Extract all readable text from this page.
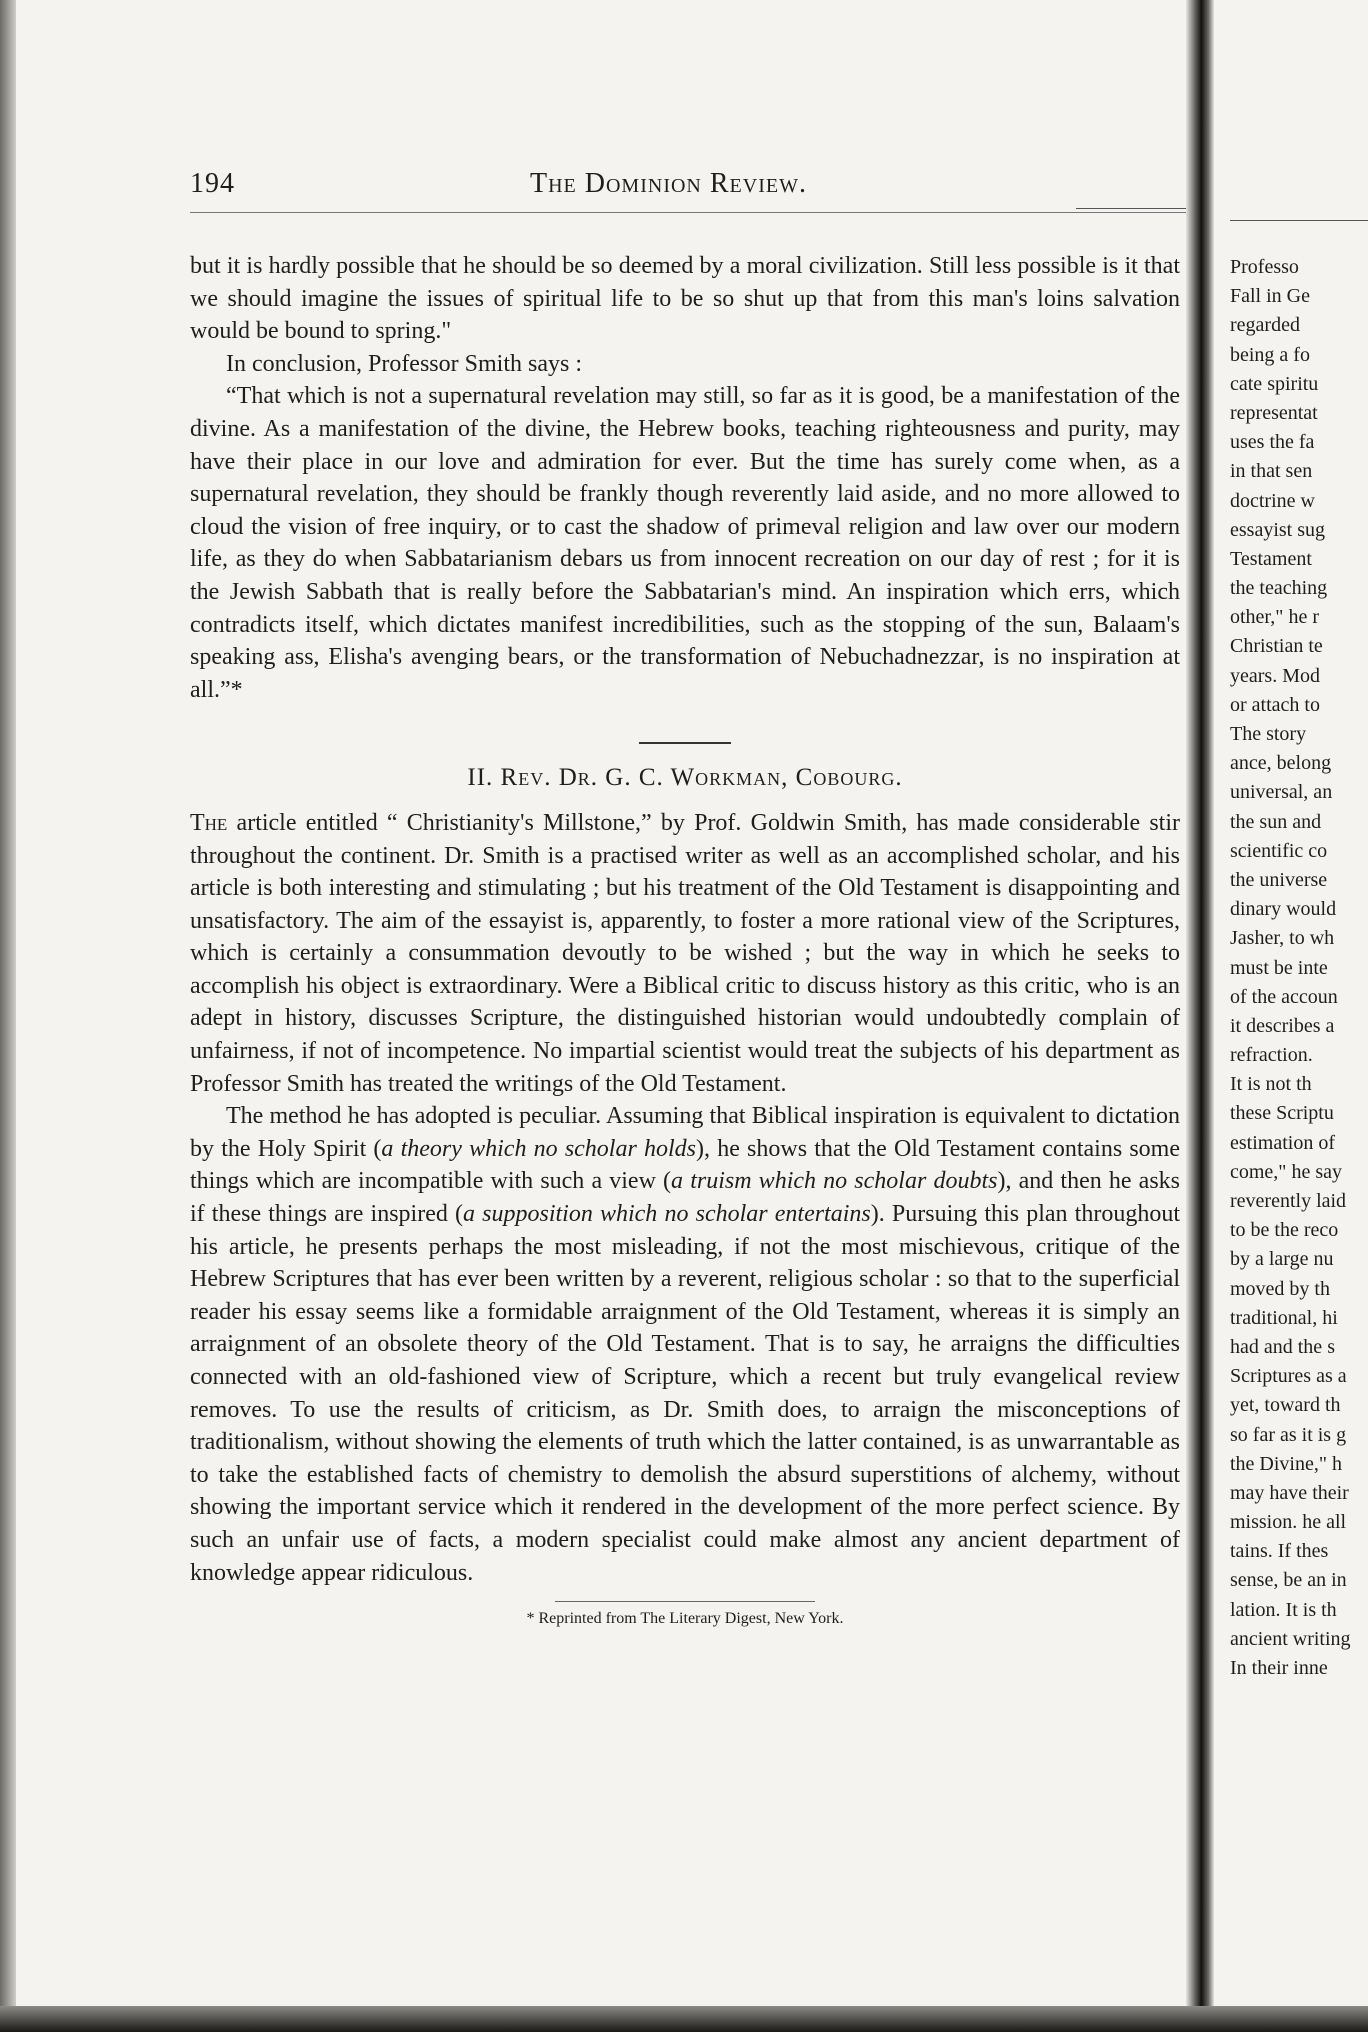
194	The Dominion Review.

but it is hardly possible that he should be so deemed by a moral civilization. Still less possible is it that we should imagine the issues of spiritual life to be so shut up that from this man's loins salvation would be bound to spring."

In conclusion, Professor Smith says :

“That which is not a supernatural revelation may still, so far as it is good, be a manifestation of the divine. As a manifestation of the divine, the Hebrew books, teaching righteousness and purity, may have their place in our love and admiration for ever. But the time has surely come when, as a supernatural revelation, they should be frankly though reverently laid aside, and no more allowed to cloud the vision of free inquiry, or to cast the shadow of primeval religion and law over our modern life, as they do when Sabbatarianism debars us from innocent recreation on our day of rest ; for it is the Jewish Sabbath that is really before the Sabbatarian's mind. An inspiration which errs, which contradicts itself, which dictates manifest incredibilities, such as the stopping of the sun, Balaam's speaking ass, Elisha's avenging bears, or the transformation of Nebuchadnezzar, is no inspiration at all.”*

II. Rev. Dr. G. C. Workman, Cobourg.

The article entitled “ Christianity's Millstone,” by Prof. Goldwin Smith, has made considerable stir throughout the continent. Dr. Smith is a practised writer as well as an accomplished scholar, and his article is both interesting and stimulating ; but his treatment of the Old Testament is disappointing and unsatisfactory. The aim of the essayist is, apparently, to foster a more rational view of the Scriptures, which is certainly a consummation devoutly to be wished ; but the way in which he seeks to accomplish his object is extraordinary. Were a Biblical critic to discuss history as this critic, who is an adept in history, discusses Scripture, the distinguished historian would undoubtedly complain of unfairness, if not of incompetence. No impartial scientist would treat the subjects of his department as Professor Smith has treated the writings of the Old Testament.

The method he has adopted is peculiar. Assuming that Biblical inspiration is equivalent to dictation by the Holy Spirit (a theory which no scholar holds), he shows that the Old Testament contains some things which are incompatible with such a view (a truism which no scholar doubts), and then he asks if these things are inspired (a supposition which no scholar entertains). Pursuing this plan throughout his article, he presents perhaps the most misleading, if not the most mischievous, critique of the Hebrew Scriptures that has ever been written by a reverent, religious scholar : so that to the superficial reader his essay seems like a formidable arraignment of the Old Testament, whereas it is simply an arraignment of an obsolete theory of the Old Testament. That is to say, he arraigns the difficulties connected with an old-fashioned view of Scripture, which a recent but truly evangelical review removes. To use the results of criticism, as Dr. Smith does, to arraign the misconceptions of traditionalism, without showing the elements of truth which the latter contained, is as unwarrantable as to take the established facts of chemistry to demolish the absurd superstitions of alchemy, without showing the important service which it rendered in the development of the more perfect science. By such an unfair use of facts, a modern specialist could make almost any ancient department of knowledge appear ridiculous.

* Reprinted from The Literary Digest, New York.
Professo
Fall in Ge
regarded
being a fo
cate spiritu
representat
uses the fa
in that sen
doctrine w
essayist sug
Testament
the teaching
other," he r
Christian te
years. Mod
or attach to
The story
ance, belong
universal, an
the sun and
scientific co
the universe
dinary would
Jasher, to wh
must be inte
of the accoun
it describes a
refraction.
It is not th
these Scriptu
estimation of
come," he say
reverently laid
to be the reco
by a large nu
moved by th
traditional, hi
had and the s
Scriptures as a
yet, toward th
so far as it is g
the Divine," h
may have their
mission. he all
tains. If thes
sense, be an in
lation. It is th
ancient writing
In their inne
